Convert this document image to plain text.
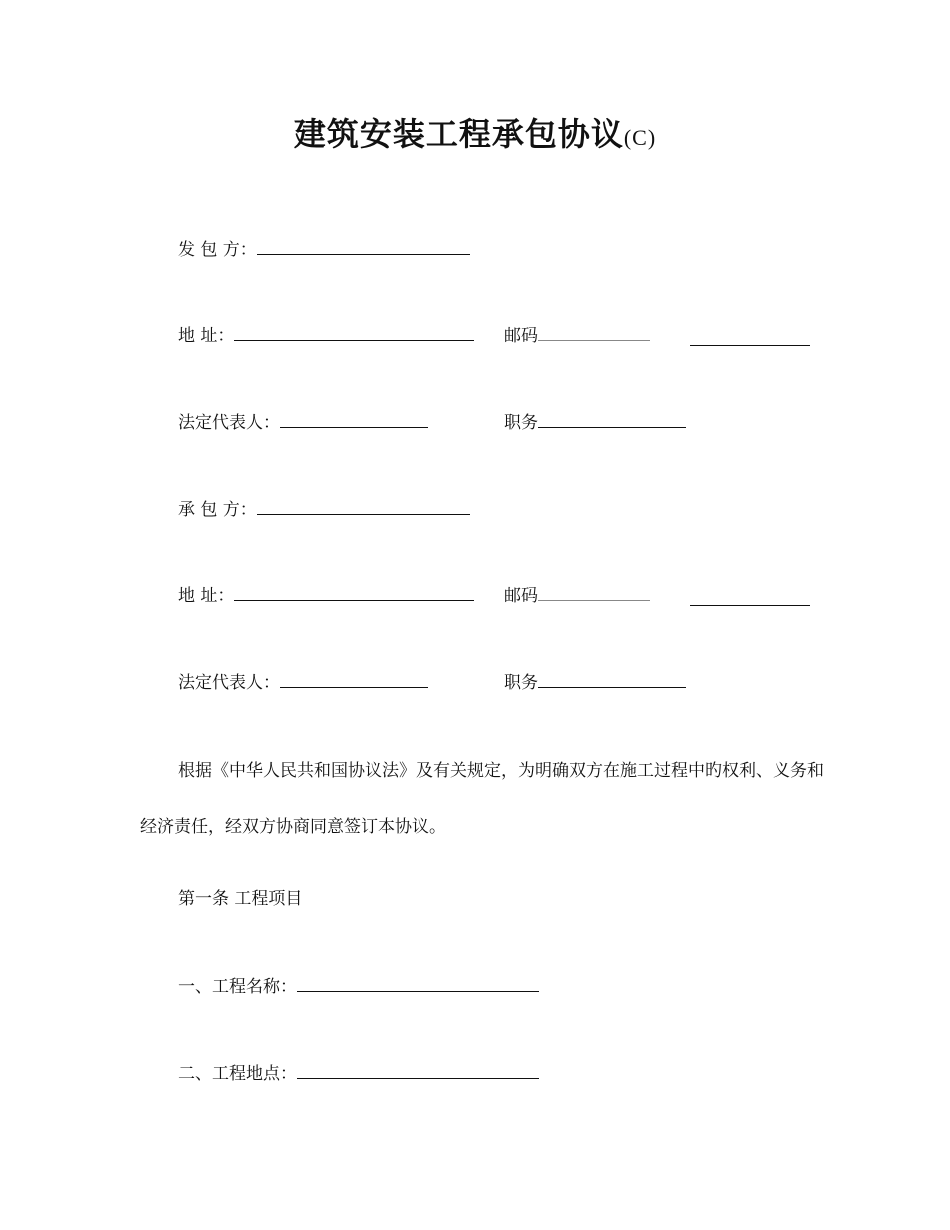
建筑安装工程承包协议(C)
发 包 方：
地 址：	邮码
法定代表人：	职务
承 包 方：
地 址：	邮码
法定代表人：	职务
根据《中华人民共和国协议法》及有关规定，为明确双方在施工过程中旳权利、义务和经济责任，经双方协商同意签订本协议。
第一条 工程项目
一、工程名称：
二、工程地点：
